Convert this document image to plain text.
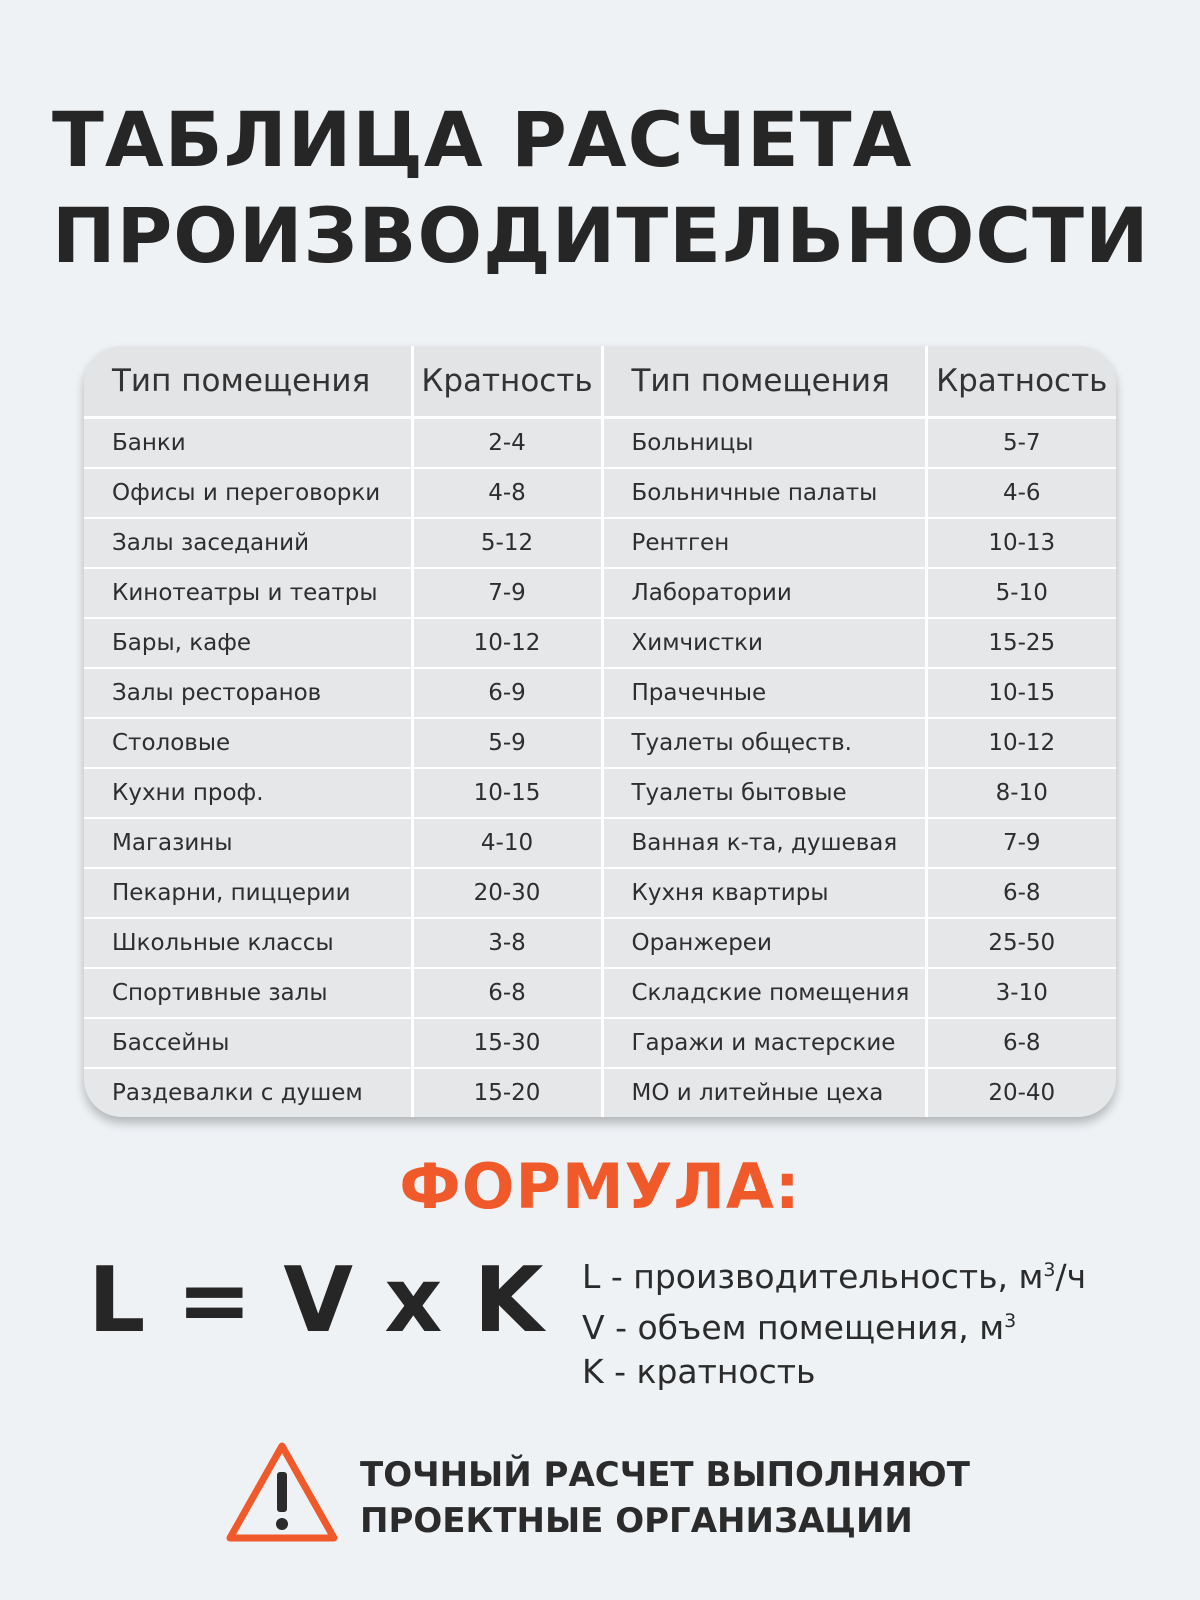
ТАБЛИЦА РАСЧЕТА
ПРОИЗВОДИТЕЛЬНОСТИ
Тип помещения	Кратность	Тип помещения	Кратность
Банки	2-4	Больницы	5-7
Офисы и переговорки	4-8	Больничные палаты	4-6
Залы заседаний	5-12	Рентген	10-13
Кинотеатры и театры	7-9	Лаборатории	5-10
Бары, кафе	10-12	Химчистки	15-25
Залы ресторанов	6-9	Прачечные	10-15
Столовые	5-9	Туалеты обществ.	10-12
Кухни проф.	10-15	Туалеты бытовые	8-10
Магазины	4-10	Ванная к-та, душевая	7-9
Пекарни, пиццерии	20-30	Кухня квартиры	6-8
Школьные классы	3-8	Оранжереи	25-50
Спортивные залы	6-8	Складские помещения	3-10
Бассейны	15-30	Гаражи и мастерские	6-8
Раздевалки с душем	15-20	МО и литейные цеха	20-40
ФОРМУЛА:
L = V x K L - производительность, $м^3/ч$
V - объем помещения, $м^3$
K - кратность
ТОЧНЫЙ РАСЧЕТ ВЫПОЛНЯЮТ
ПРОЕКТНЫЕ ОРГАНИЗАЦИИ
